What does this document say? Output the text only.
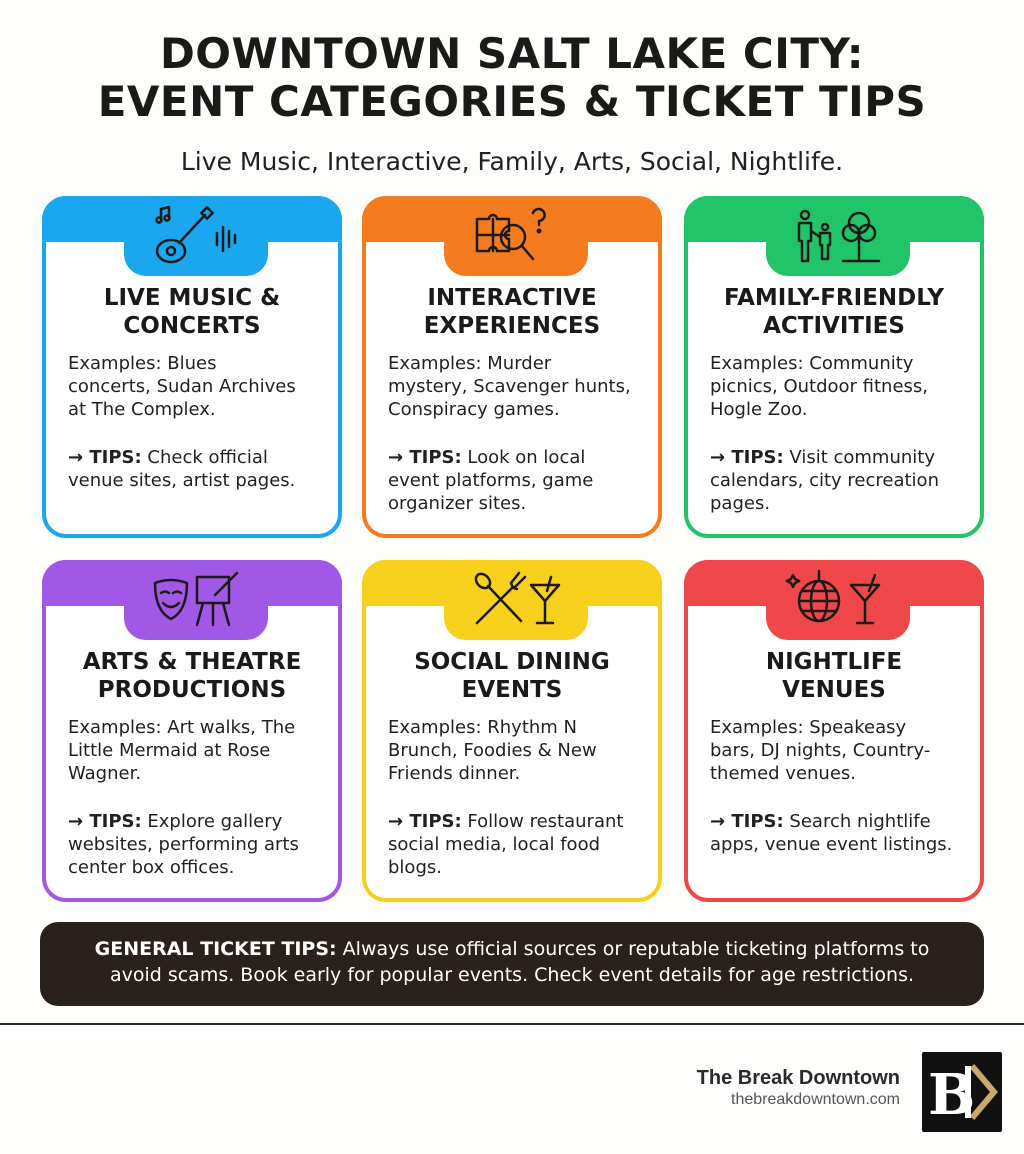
DOWNTOWN SALT LAKE CITY:
EVENT CATEGORIES & TICKET TIPS
Live Music, Interactive, Family, Arts, Social, Nightlife.
LIVE MUSIC &
CONCERTS
Examples: Blues
concerts, Sudan Archives
at The Complex.
→ TIPS: Check official
venue sites, artist pages.
INTERACTIVE
EXPERIENCES
Examples: Murder
mystery, Scavenger hunts,
Conspiracy games.
→ TIPS: Look on local
event platforms, game
organizer sites.
FAMILY-FRIENDLY
ACTIVITIES
Examples: Community
picnics, Outdoor fitness,
Hogle Zoo.
→ TIPS: Visit community
calendars, city recreation
pages.
ARTS & THEATRE
PRODUCTIONS
Examples: Art walks, The
Little Mermaid at Rose
Wagner.
→ TIPS: Explore gallery
websites, performing arts
center box offices.
SOCIAL DINING
EVENTS
Examples: Rhythm N
Brunch, Foodies & New
Friends dinner.
→ TIPS: Follow restaurant
social media, local food
blogs.
NIGHTLIFE
VENUES
Examples: Speakeasy
bars, DJ nights, Country-
themed venues.
→ TIPS: Search nightlife
apps, venue event listings.
GENERAL TICKET TIPS: Always use official sources or reputable ticketing platforms to
avoid scams. Book early for popular events. Check event details for age restrictions.
The Break Downtown
thebreakdowntown.com B
